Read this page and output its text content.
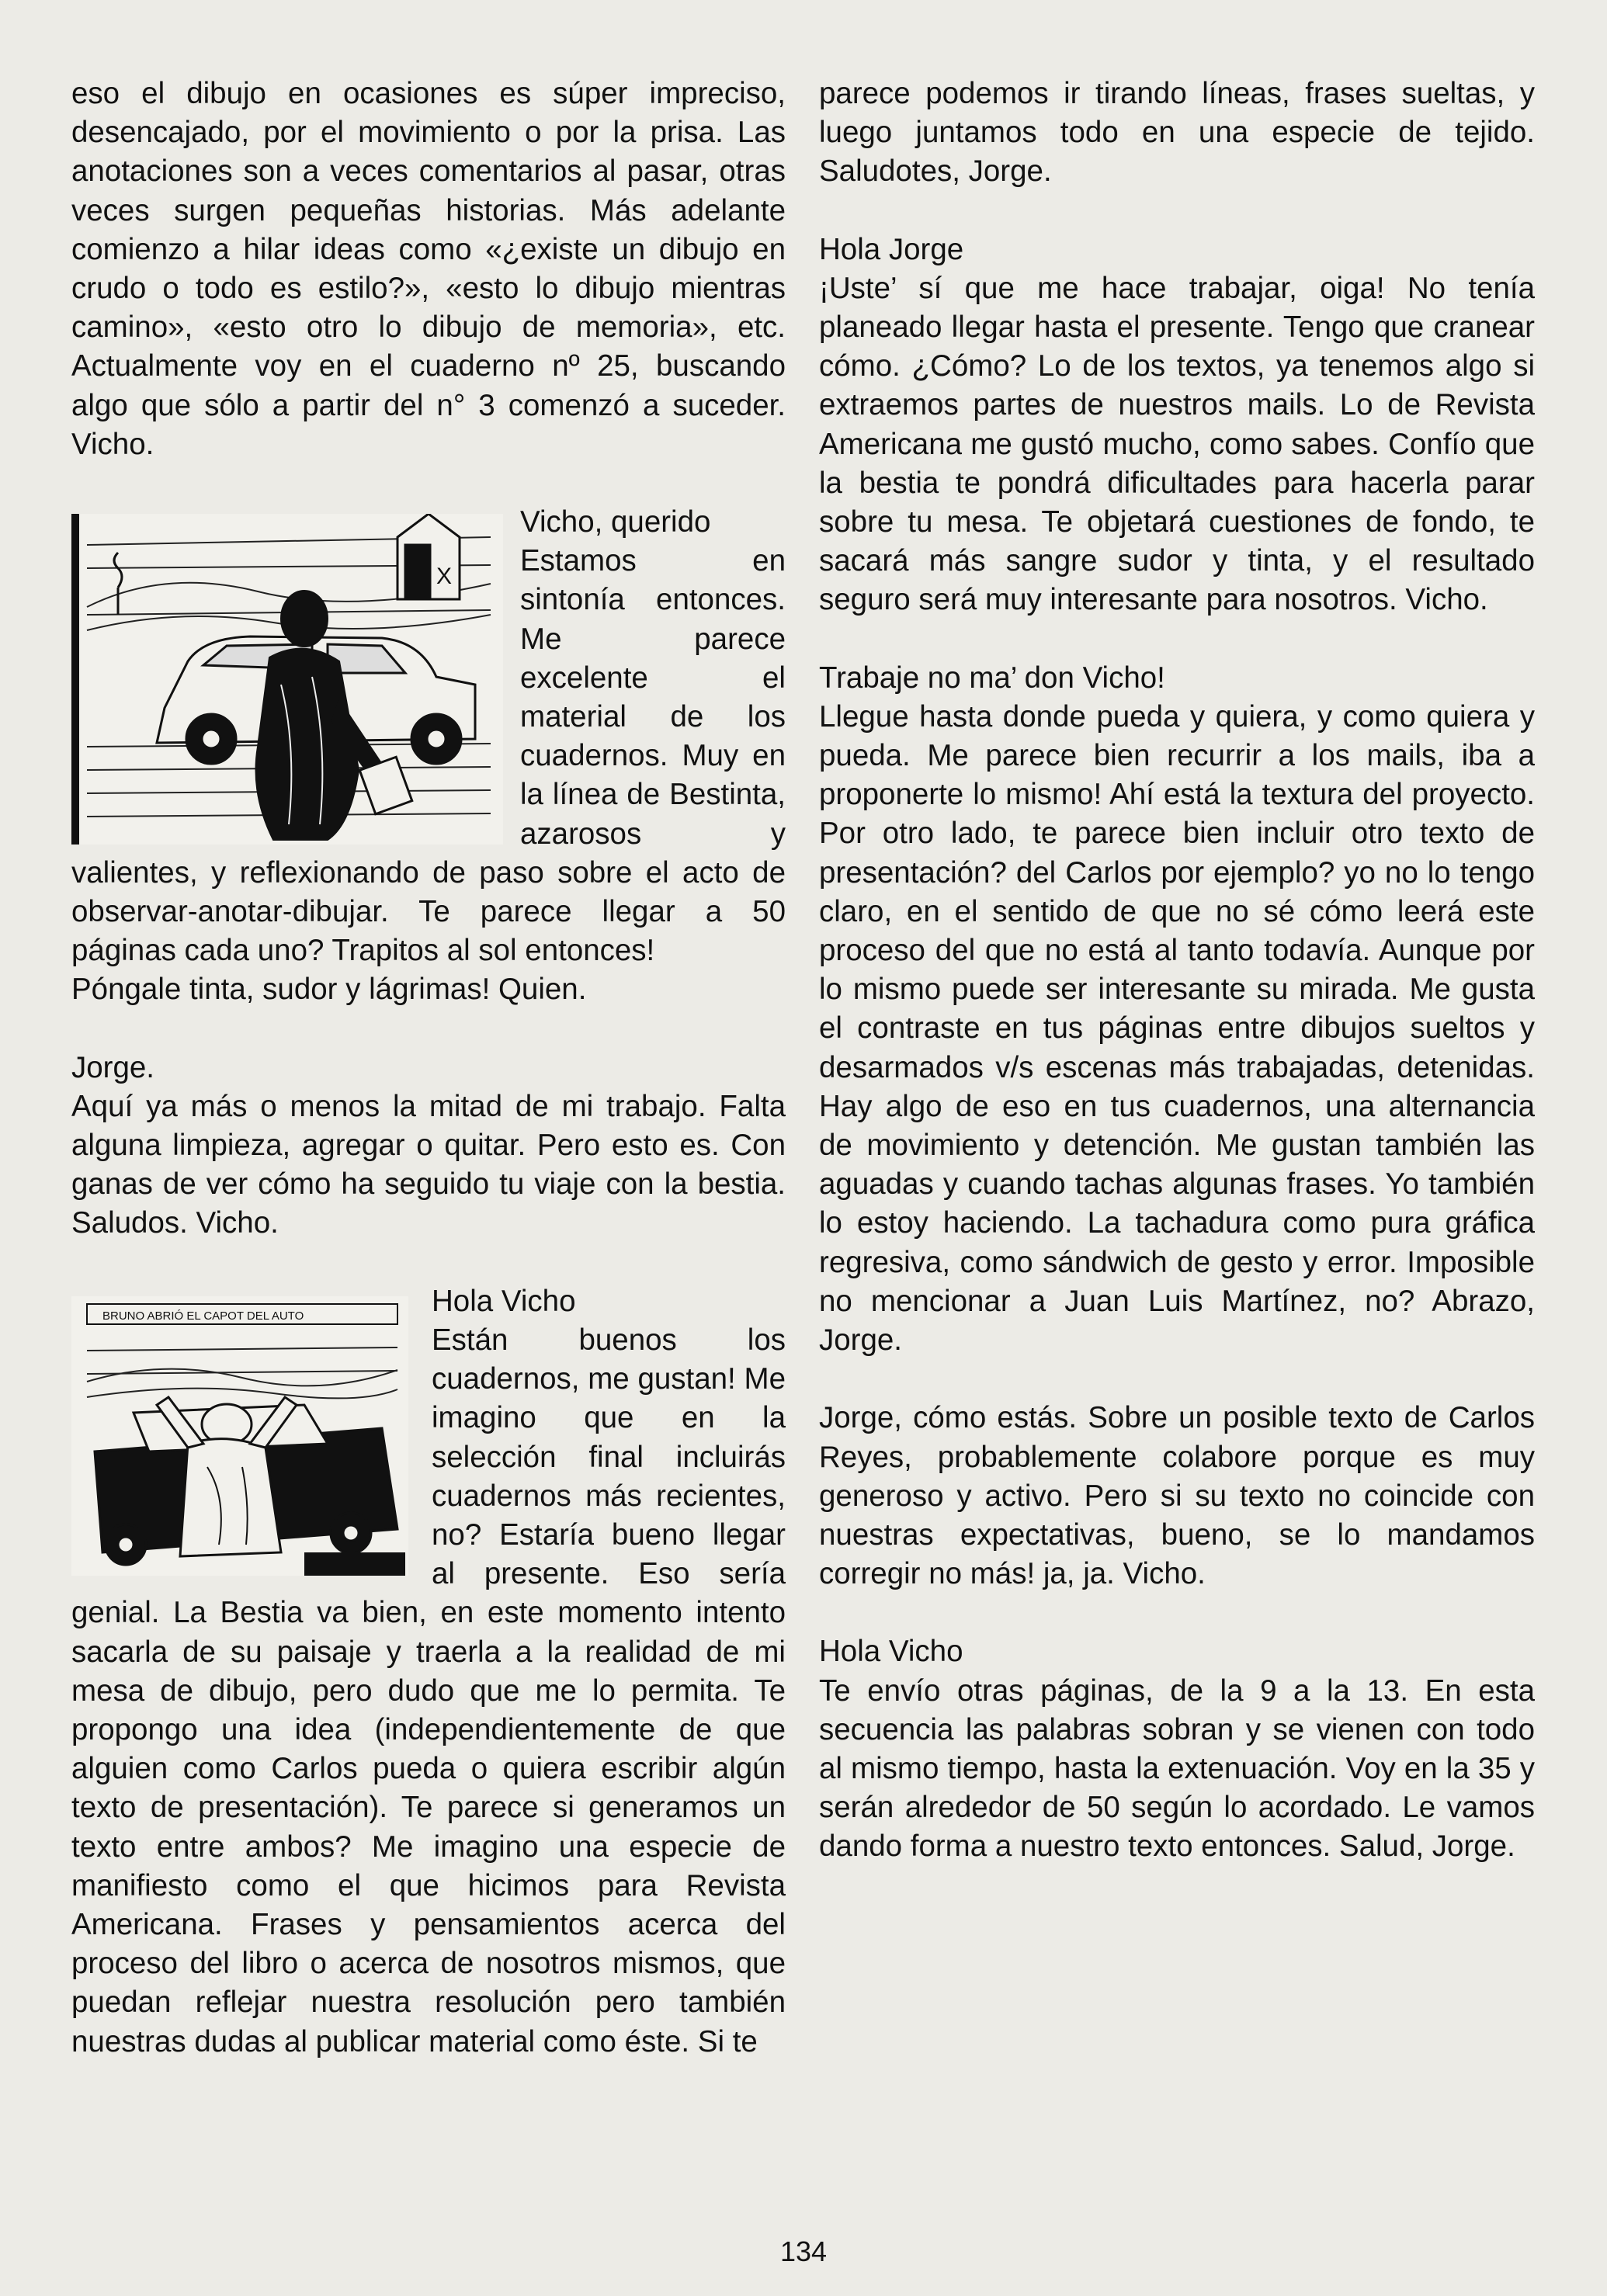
eso el dibujo en ocasiones es súper impreciso, desencajado, por el movimiento o por la prisa. Las anotaciones son a veces comentarios al pasar, otras veces surgen pequeñas historias. Más adelante comienzo a hilar ideas como «¿existe un dibujo en crudo o todo es estilo?», «esto lo dibujo mientras camino», «esto otro lo dibujo de memoria», etc. Actualmente voy en el cuaderno nº 25, buscando algo que sólo a partir del n° 3 comenzó a suceder. Vicho.

X

Vicho, querido

Estamos en sintonía entonces. Me parece excelente el material de los cuadernos. Muy en la línea de Bestinta, azarosos y valientes, y reflexionando de paso sobre el acto de observar-anotar-dibujar. Te parece llegar a 50 páginas cada uno? Trapitos al sol entonces!

Póngale tinta, sudor y lágrimas! Quien.

Jorge.

Aquí ya más o menos la mitad de mi trabajo. Falta alguna limpieza, agregar o quitar. Pero esto es. Con ganas de ver cómo ha seguido tu viaje con la bestia. Saludos. Vicho.

BRUNO ABRIÓ EL CAPOT DEL AUTO	Hola Vicho

Están buenos los cuadernos, me gustan! Me imagino que en la selección final incluirás cuadernos más recientes, no? Estaría bueno llegar al presente. Eso sería genial. La Bestia va bien, en este momento intento sacarla de su paisaje y traerla a la realidad de mi mesa de dibujo, pero dudo que me lo permita. Te propongo una idea (independientemente de que alguien como Carlos pueda o quiera escribir algún texto de presentación). Te parece si generamos un texto entre ambos? Me imagino una especie de manifiesto como el que hicimos para Revista Americana. Frases y pensamientos acerca del proceso del libro o acerca de nosotros mismos, que puedan reflejar nuestra resolución pero también nuestras dudas al publicar material como éste. Si te

parece podemos ir tirando líneas, frases sueltas, y luego juntamos todo en una especie de tejido. Saludotes, Jorge.

Hola Jorge

¡Uste’ sí que me hace trabajar, oiga! No tenía planeado llegar hasta el presente. Tengo que cranear cómo. ¿Cómo? Lo de los textos, ya tenemos algo si extraemos partes de nuestros mails. Lo de Revista Americana me gustó mucho, como sabes. Confío que la bestia te pondrá dificultades para hacerla parar sobre tu mesa. Te objetará cuestiones de fondo, te sacará más sangre sudor y tinta, y el resultado seguro será muy interesante para nosotros. Vicho.

Trabaje no ma’ don Vicho!

Llegue hasta donde pueda y quiera, y como quiera y pueda. Me parece bien recurrir a los mails, iba a proponerte lo mismo! Ahí está la textura del proyecto. Por otro lado, te parece bien incluir otro texto de presentación? del Carlos por ejemplo? yo no lo tengo claro, en el sentido de que no sé cómo leerá este proceso del que no está al tanto todavía. Aunque por lo mismo puede ser interesante su mirada. Me gusta el contraste en tus páginas entre dibujos sueltos y desarmados v/s escenas más trabajadas, detenidas. Hay algo de eso en tus cuadernos, una alternancia de movimiento y detención. Me gustan también las aguadas y cuando tachas algunas frases. Yo también lo estoy haciendo. La tachadura como pura gráfica regresiva, como sándwich de gesto y error. Imposible no mencionar a Juan Luis Martínez, no? Abrazo, Jorge.

Jorge, cómo estás. Sobre un posible texto de Carlos Reyes, probablemente colabore porque es muy generoso y activo. Pero si su texto no coincide con nuestras expectativas, bueno, se lo mandamos corregir no más! ja, ja. Vicho.

Hola Vicho

Te envío otras páginas, de la 9 a la 13. En esta secuencia las palabras sobran y se vienen con todo al mismo tiempo, hasta la extenuación. Voy en la 35 y serán alrededor de 50 según lo acordado. Le vamos dando forma a nuestro texto entonces. Salud, Jorge.

134
